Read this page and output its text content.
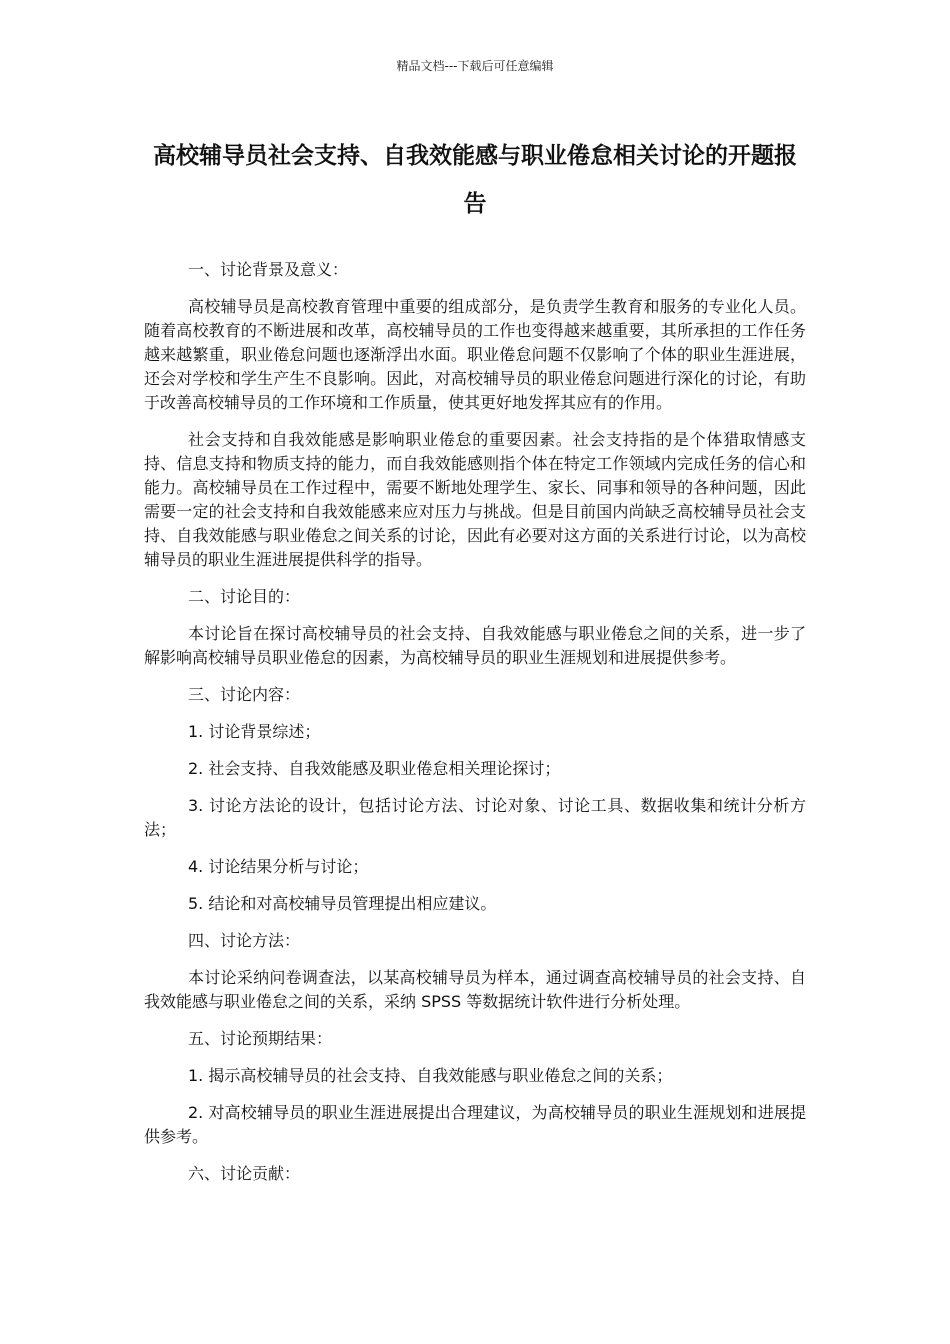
精品文档---下载后可任意编辑
高校辅导员社会支持、自我效能感与职业倦怠相关讨论的开题报告

一、讨论背景及意义：

高校辅导员是高校教育管理中重要的组成部分，是负责学生教育和服务的专业化人员。随着高校教育的不断进展和改革，高校辅导员的工作也变得越来越重要，其所承担的工作任务越来越繁重，职业倦怠问题也逐渐浮出水面。职业倦怠问题不仅影响了个体的职业生涯进展，还会对学校和学生产生不良影响。因此，对高校辅导员的职业倦怠问题进行深化的讨论，有助于改善高校辅导员的工作环境和工作质量，使其更好地发挥其应有的作用。

社会支持和自我效能感是影响职业倦怠的重要因素。社会支持指的是个体猎取情感支持、信息支持和物质支持的能力，而自我效能感则指个体在特定工作领域内完成任务的信心和能力。高校辅导员在工作过程中，需要不断地处理学生、家长、同事和领导的各种问题，因此需要一定的社会支持和自我效能感来应对压力与挑战。但是目前国内尚缺乏高校辅导员社会支持、自我效能感与职业倦怠之间关系的讨论，因此有必要对这方面的关系进行讨论，以为高校辅导员的职业生涯进展提供科学的指导。

二、讨论目的：

本讨论旨在探讨高校辅导员的社会支持、自我效能感与职业倦怠之间的关系，进一步了解影响高校辅导员职业倦怠的因素，为高校辅导员的职业生涯规划和进展提供参考。

三、讨论内容：

1. 讨论背景综述；

2. 社会支持、自我效能感及职业倦怠相关理论探讨；

3. 讨论方法论的设计，包括讨论方法、讨论对象、讨论工具、数据收集和统计分析方法；

4. 讨论结果分析与讨论；

5. 结论和对高校辅导员管理提出相应建议。

四、讨论方法：

本讨论采纳问卷调查法，以某高校辅导员为样本，通过调查高校辅导员的社会支持、自我效能感与职业倦怠之间的关系，采纳 SPSS 等数据统计软件进行分析处理。

五、讨论预期结果：

1. 揭示高校辅导员的社会支持、自我效能感与职业倦怠之间的关系；

2. 对高校辅导员的职业生涯进展提出合理建议，为高校辅导员的职业生涯规划和进展提供参考。

六、讨论贡献：
